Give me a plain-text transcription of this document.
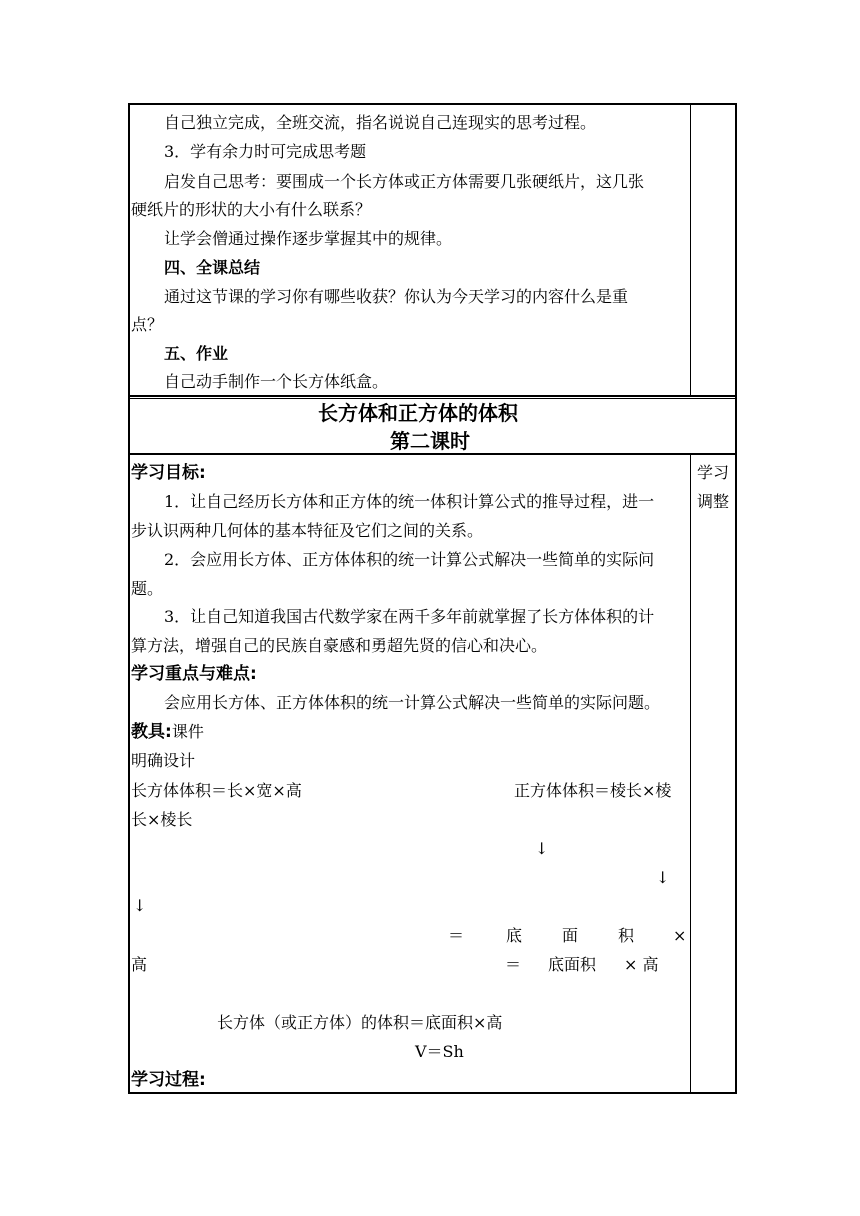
自己独立完成，全班交流，指名说说自己连现实的思考过程。
3．学有余力时可完成思考题
启发自己思考：要围成一个长方体或正方体需要几张硬纸片，这几张
硬纸片的形状的大小有什么联系？
让学会僧通过操作逐步掌握其中的规律。
四、全课总结
通过这节课的学习你有哪些收获？你认为今天学习的内容什么是重
点？
五、作业
自己动手制作一个长方体纸盒。
长方体和正方体的体积
第二课时
学习
调整
学习目标:
1．让自己经历长方体和正方体的统一体积计算公式的推导过程，进一
步认识两种几何体的基本特征及它们之间的关系。
2．会应用长方体、正方体体积的统一计算公式解决一些简单的实际问
题。
3．让自己知道我国古代数学家在两千多年前就掌握了长方体体积的计
算方法，增强自己的民族自豪感和勇超先贤的信心和决心。
学习重点与难点:
会应用长方体、正方体体积的统一计算公式解决一些简单的实际问题。
教具:课件
明确设计
长方体体积＝长×宽×高	正方体体积＝棱长×棱
长×棱长
↓
↓
↓
＝	底 面 积 ×
高	＝ 底面积 × 高
长方体（或正方体）的体积＝底面积×高
V＝Sh
学习过程:
